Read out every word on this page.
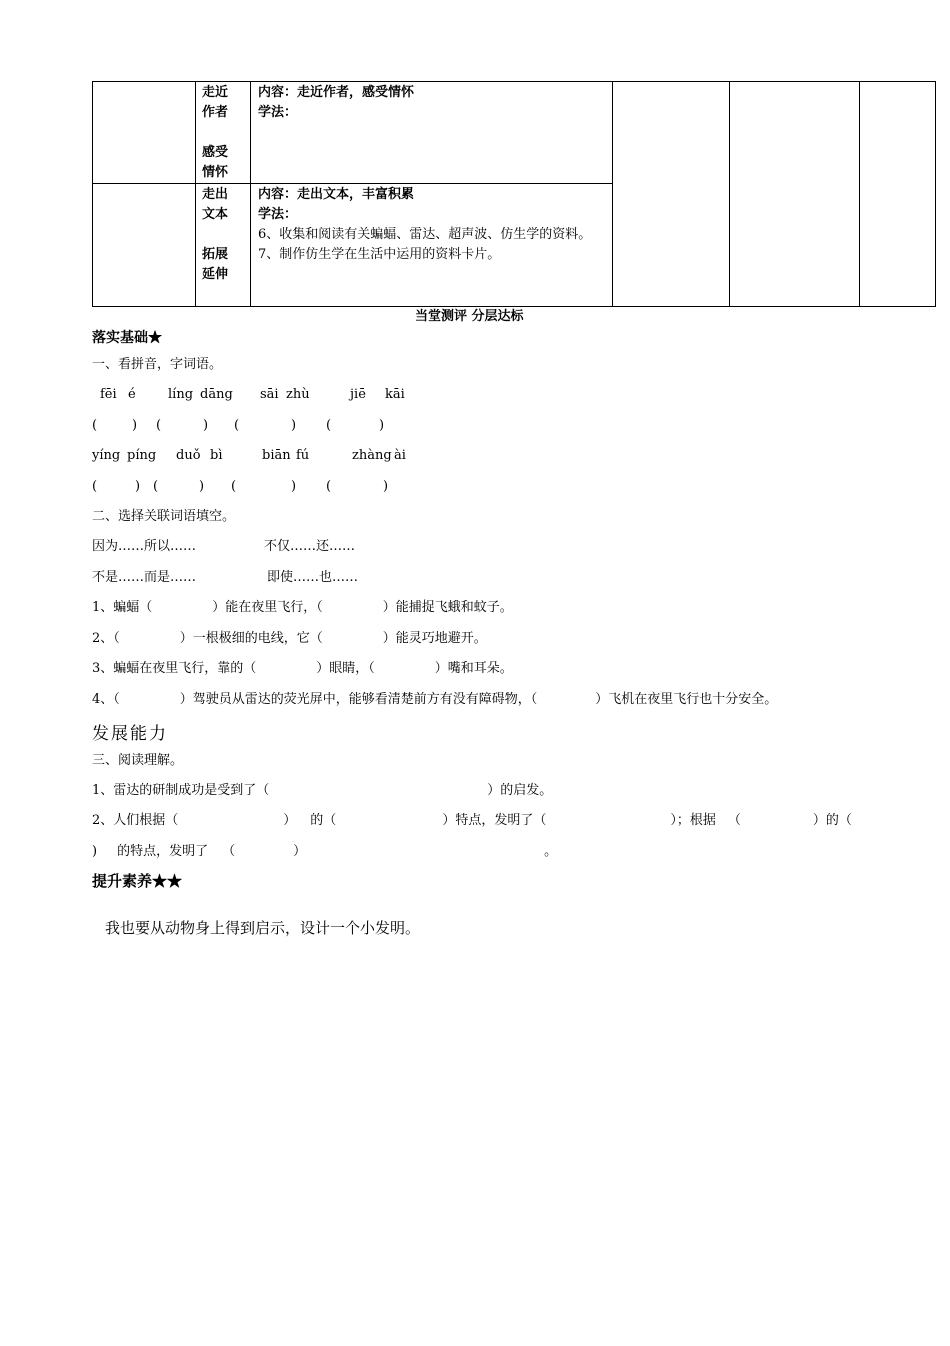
	走近
作者
感受
情怀	内容：走近作者，感受情怀
学法：			

	走出
文本
拓展
延伸	内容：走出文本，丰富积累
学法：
6、收集和阅读有关蝙蝠、雷达、超声波、仿生学的资料。
7、制作仿生学在生活中运用的资料卡片。			
当堂测评 分层达标
落实基础★
一、看拼音，字词语。
fēi é líng dāng sāi zhù	jiē kāi
(	) (	) (	) (	)
yíng píng duǒ bì	biān fú	zhàng ài
(	) (	) (	) (	)
二、选择关联词语填空。
因为……所以……	不仅……还……
不是……而是……	即使……也……
1、蝙蝠（	）能在夜里飞行，（	）能捕捉飞蛾和蚊子。
2、（	）一根极细的电线，它（	）能灵巧地避开。
3、蝙蝠在夜里飞行，靠的（	）眼睛，（	）嘴和耳朵。
4、（	）驾驶员从雷达的荧光屏中，能够看清楚前方有没有障碍物，（	）飞机在夜里飞行也十分安全。
发展能力
三、阅读理解。
1、雷达的研制成功是受到了（	）的启发。
2、人们根据（	） 的（	）特点，发明了（	）；根据 （	）的（
) 的特点，发明了 （	）	。
提升素养★★
我也要从动物身上得到启示，设计一个小发明。
